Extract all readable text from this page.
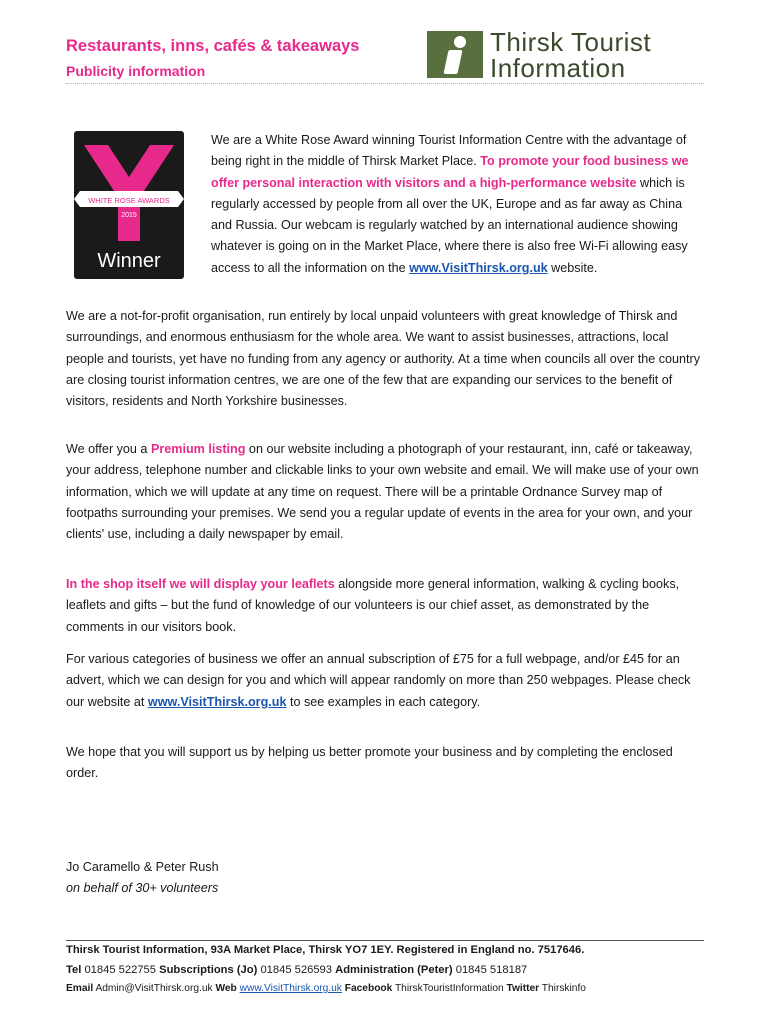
Restaurants, inns, cafés & takeaways
Publicity information
Thirsk Tourist
Information
WHITE ROSE AWARDS
2015
Winner

We are a White Rose Award winning Tourist Information Centre with the advantage of being right in the middle of Thirsk Market Place. To promote your food business we offer personal interaction with visitors and a high-performance website which is regularly accessed by people from all over the UK, Europe and as far away as China and Russia. Our webcam is regularly watched by an international audience showing whatever is going on in the Market Place, where there is also free Wi-Fi allowing easy access to all the information on the www.VisitThirsk.org.uk website.

We are a not-for-profit organisation, run entirely by local unpaid volunteers with great knowledge of Thirsk and surroundings, and enormous enthusiasm for the whole area. We want to assist businesses, attractions, local people and tourists, yet have no funding from any agency or authority. At a time when councils all over the country are closing tourist information centres, we are one of the few that are expanding our services to the benefit of visitors, residents and North Yorkshire businesses.

We offer you a Premium listing on our website including a photograph of your restaurant, inn, café or takeaway, your address, telephone number and clickable links to your own website and email. We will make use of your own information, which we will update at any time on request. There will be a printable Ordnance Survey map of footpaths surrounding your premises. We send you a regular update of events in the area for your own, and your clients' use, including a daily newspaper by email.

In the shop itself we will display your leaflets alongside more general information, walking & cycling books, leaflets and gifts – but the fund of knowledge of our volunteers is our chief asset, as demonstrated by the comments in our visitors book.

For various categories of business we offer an annual subscription of £75 for a full webpage, and/or £45 for an advert, which we can design for you and which will appear randomly on more than 250 webpages. Please check our website at www.VisitThirsk.org.uk to see examples in each category.

We hope that you will support us by helping us better promote your business and by completing the enclosed order.

Jo Caramello & Peter Rush
on behalf of 30+ volunteers
Thirsk Tourist Information, 93A Market Place, Thirsk YO7 1EY. Registered in England no. 7517646.
Tel 01845 522755 Subscriptions (Jo) 01845 526593 Administration (Peter) 01845 518187
Email Admin@VisitThirsk.org.uk Web www.VisitThirsk.org.uk Facebook ThirskTouristInformation Twitter Thirskinfo
